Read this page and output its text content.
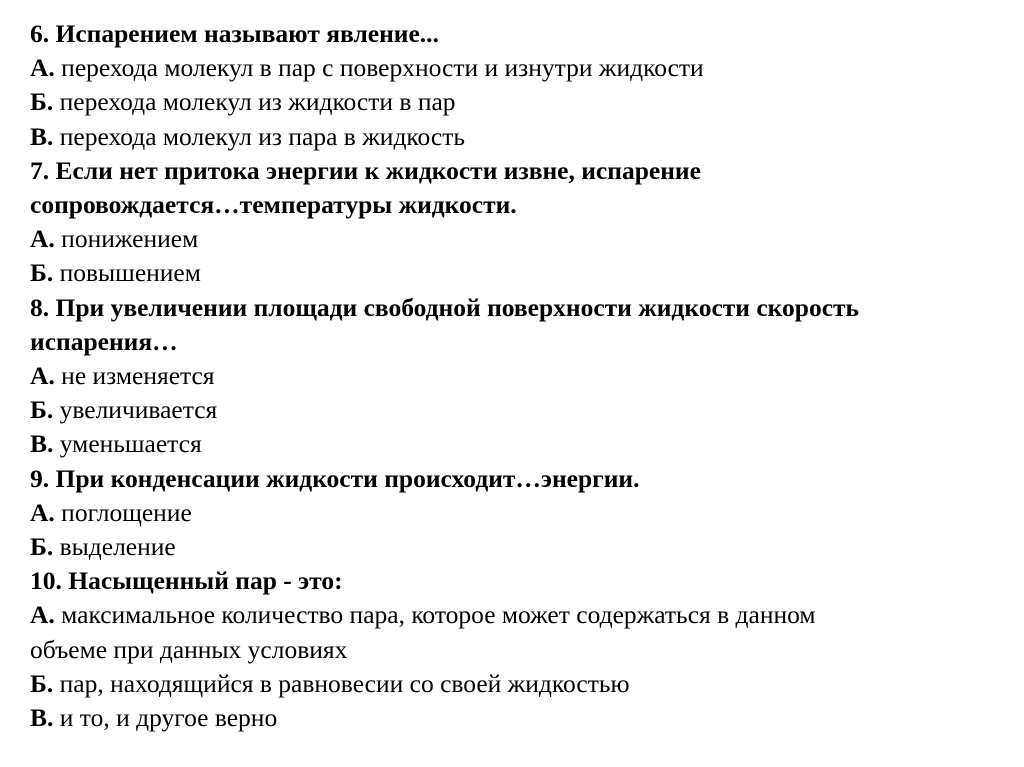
6. Испарением называют явление...

А. перехода молекул в пар с поверхности и изнутри жидкости

Б. перехода молекул из жидкости в пар

В. перехода молекул из пара в жидкость

7. Если нет притока энергии к жидкости извне, испарение

сопровождается…температуры жидкости.

А. понижением

Б. повышением

8. При увеличении площади свободной поверхности жидкости скорость

испарения…

А. не изменяется

Б. увеличивается

В. уменьшается

9. При конденсации жидкости происходит…энергии.

А. поглощение

Б. выделение

10. Насыщенный пар - это:

А. максимальное количество пара, которое может содержаться в данном

объеме при данных условиях

Б. пар, находящийся в равновесии со своей жидкостью

В. и то, и другое верно
